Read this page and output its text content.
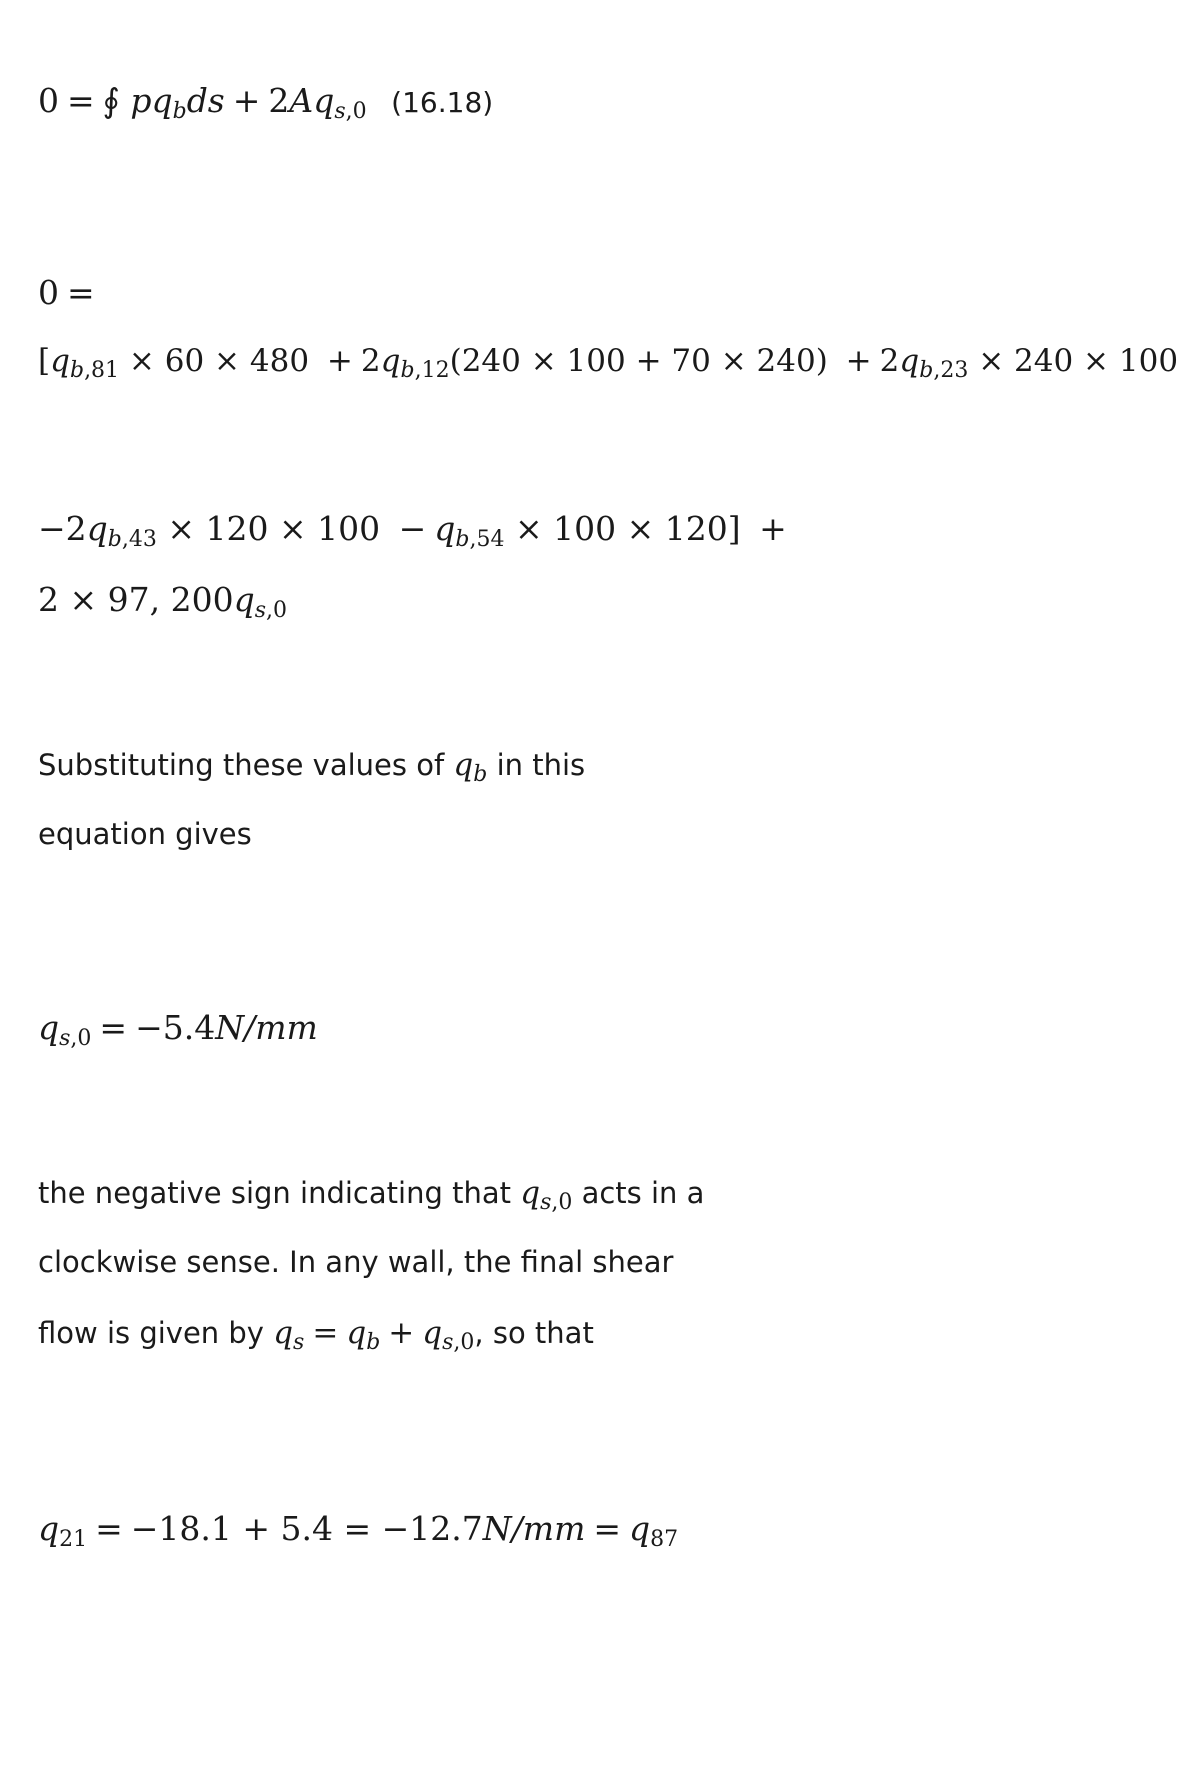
0 = ∮ $pq_bds + 2Aq_{s,0}$ (16.18)
0 =
[$q_{b,81} \times 60 \times 480 + 2q_{b,12}(240 \times 100 + 70 \times 240) + 2q_{b,23} \times 240 \times 100$
$-2q_{b,43} \times 120 \times 100 - q_{b,54} \times 100 \times 120$] +
2 × 97, $200q_{s,0}$
Substituting these values of $q_b$ in this
equation gives
$q_{s,0} = -5.4N/mm$
the negative sign indicating that $q_{s,0}$ acts in a
clockwise sense. In any wall, the final shear
flow is given by $q_s = q_b + q_{s,0}$, so that
$q_{21} = -18.1 + 5.4 = -12.7N/mm = q_{87}$
